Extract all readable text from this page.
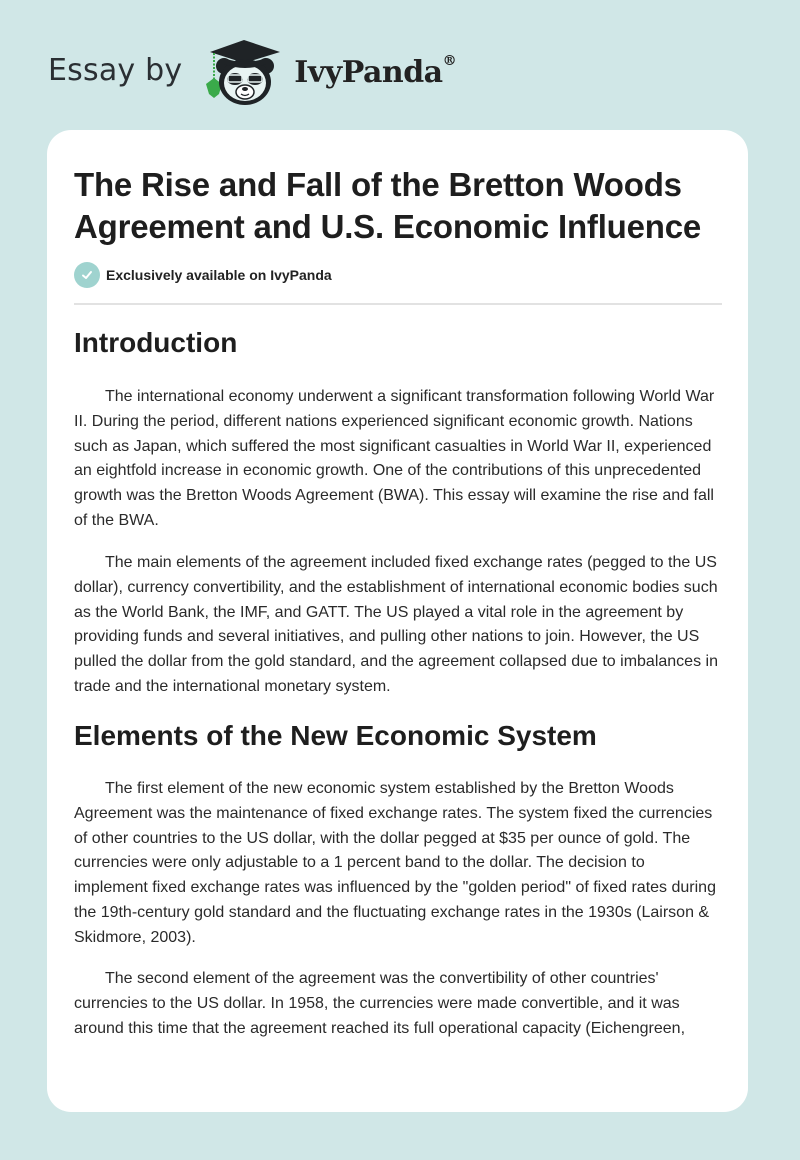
Essay by	IvyPanda®
The Rise and Fall of the Bretton Woods Agreement and U.S. Economic Influence
Exclusively available on IvyPanda
Introduction

The international economy underwent a significant transformation following World War II. During the period, different nations experienced significant economic growth. Nations such as Japan, which suffered the most significant casualties in World War II, experienced an eightfold increase in economic growth. One of the contributions of this unprecedented growth was the Bretton Woods Agreement (BWA). This essay will examine the rise and fall of the BWA.

The main elements of the agreement included fixed exchange rates (pegged to the US dollar), currency convertibility, and the establishment of international economic bodies such as the World Bank, the IMF, and GATT. The US played a vital role in the agreement by providing funds and several initiatives, and pulling other nations to join. However, the US pulled the dollar from the gold standard, and the agreement collapsed due to imbalances in trade and the international monetary system.

Elements of the New Economic System

The first element of the new economic system established by the Bretton Woods Agreement was the maintenance of fixed exchange rates. The system fixed the currencies of other countries to the US dollar, with the dollar pegged at $35 per ounce of gold. The currencies were only adjustable to a 1 percent band to the dollar. The decision to implement fixed exchange rates was influenced by the "golden period" of fixed rates during the 19th-century gold standard and the fluctuating exchange rates in the 1930s (Lairson & Skidmore, 2003).

The second element of the agreement was the convertibility of other countries' currencies to the US dollar. In 1958, the currencies were made convertible, and it was around this time that the agreement reached its full operational capacity (Eichengreen,
